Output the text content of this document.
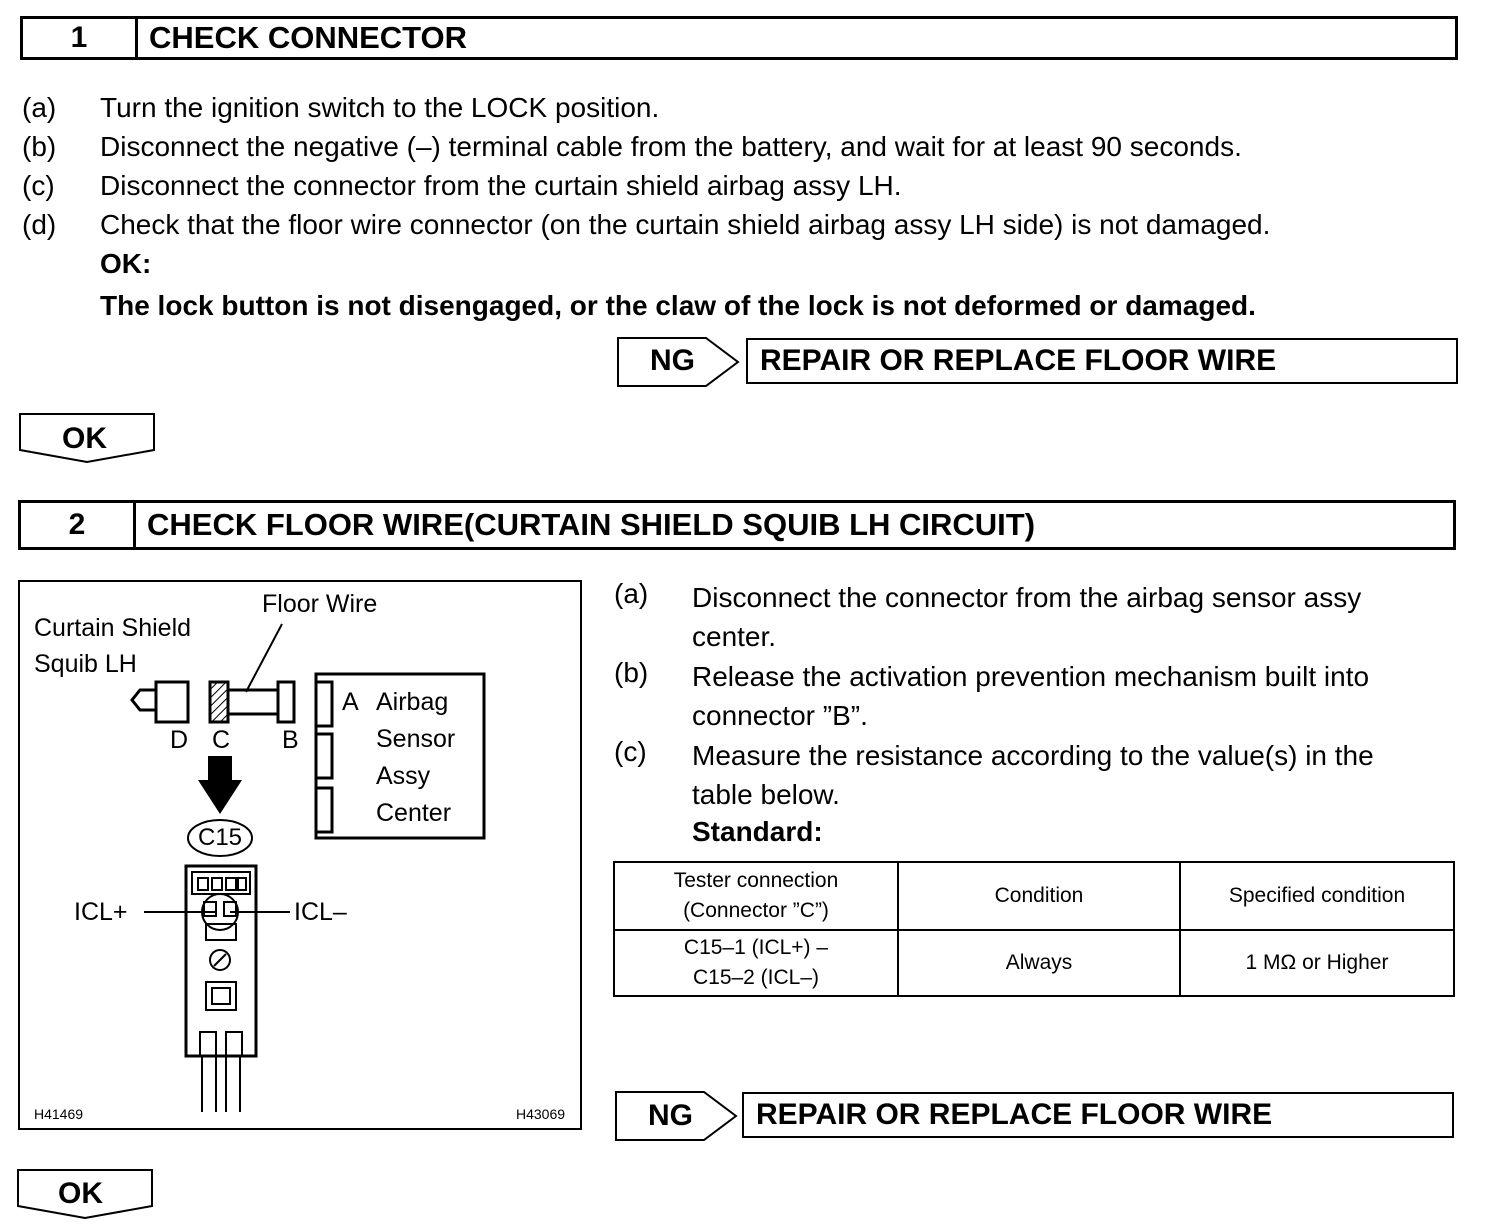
1	CHECK CONNECTOR
(a)	Turn the ignition switch to the LOCK position.
(b)	Disconnect the negative (–) terminal cable from the battery, and wait for at least 90 seconds.
(c)	Disconnect the connector from the curtain shield airbag assy LH.
(d)	Check that the floor wire connector (on the curtain shield airbag assy LH side) is not damaged.
OK:
The lock button is not disengaged, or the claw of the lock is not deformed or damaged.
NG	REPAIR OR REPLACE FLOOR WIRE
OK
2	CHECK FLOOR WIRE(CURTAIN SHIELD SQUIB LH CIRCUIT)
Floor Wire
Curtain Shield
Squib LH
D C B
A Airbag
Sensor
Assy
Center
C15
ICL+	ICL–
H41469	H43069
(a) Disconnect the connector from the airbag sensor assy
center.
(b) Release the activation prevention mechanism built into
connector ”B”.
(c) Measure the resistance according to the value(s) in the
table below.
Standard:
Tester connection
(Connector ”C”)	Condition	Specified condition

C15–1 (ICL+) –
C15–2 (ICL–)	Always	1 MΩ or Higher
NG	REPAIR OR REPLACE FLOOR WIRE
OK
